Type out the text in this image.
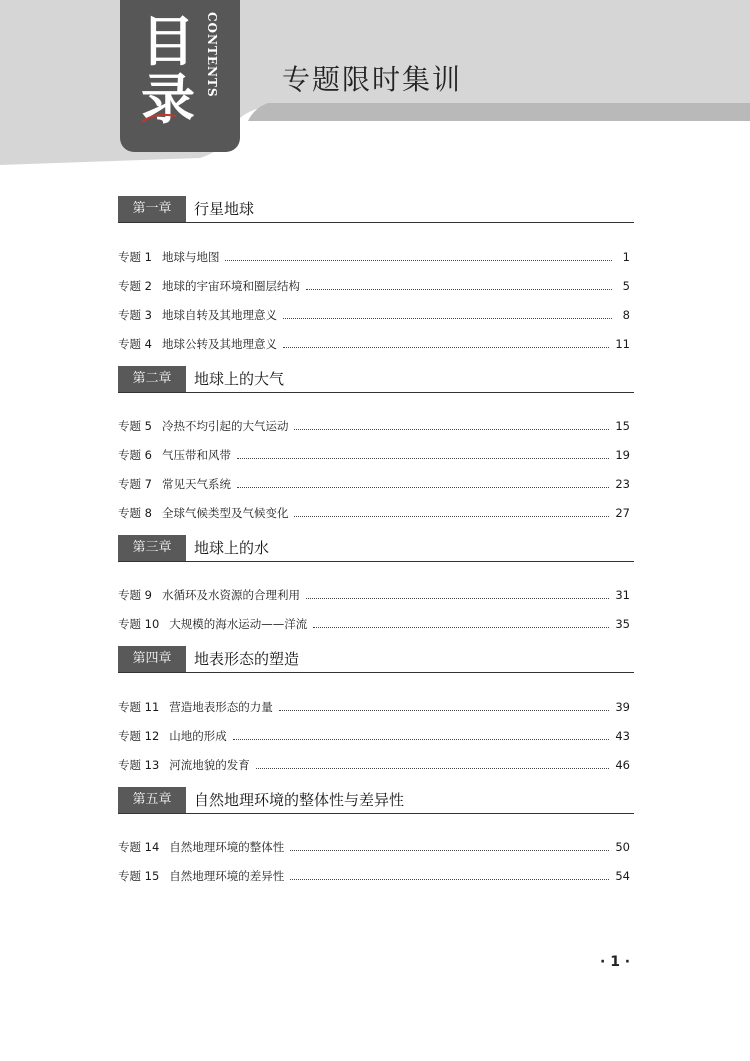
目
录
CONTENTS	专题限时集训
第一章	行星地球
专题 1 地球与地图	1
专题 2 地球的宇宙环境和圈层结构	5
专题 3 地球自转及其地理意义	8
专题 4 地球公转及其地理意义	11
第二章	地球上的大气
专题 5 冷热不均引起的大气运动	15
专题 6 气压带和风带	19
专题 7 常见天气系统	23
专题 8 全球气候类型及气候变化	27
第三章	地球上的水
专题 9 水循环及水资源的合理利用	31
专题 10 大规模的海水运动——洋流	35
第四章	地表形态的塑造
专题 11 营造地表形态的力量	39
专题 12 山地的形成	43
专题 13 河流地貌的发育	46
第五章	自然地理环境的整体性与差异性
专题 14 自然地理环境的整体性	50
专题 15 自然地理环境的差异性	54
· 1 ·
